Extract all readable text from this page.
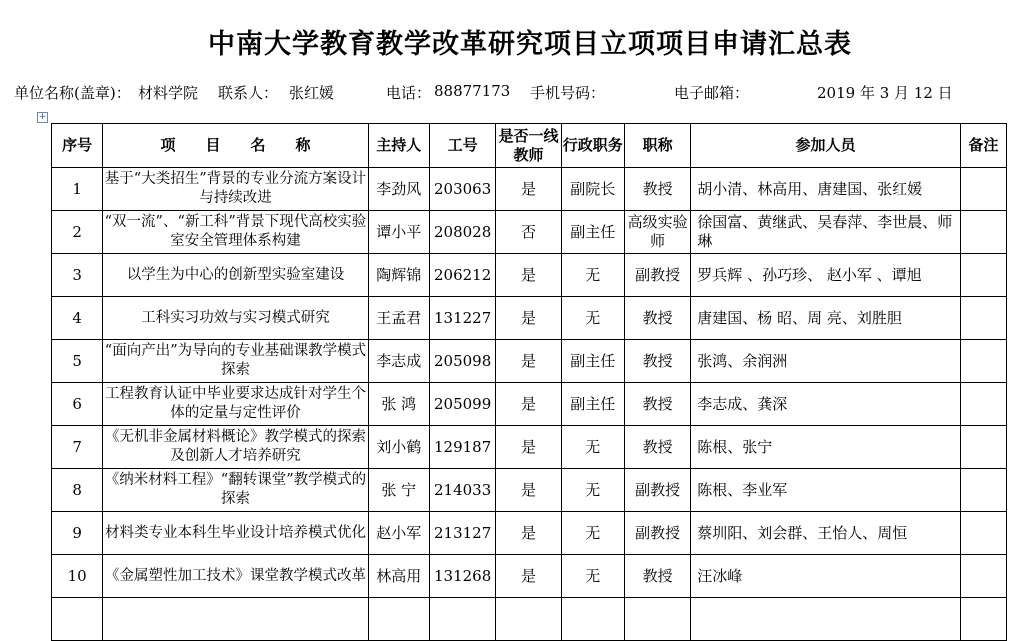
中南大学教育教学改革研究项目立项项目申请汇总表
单位名称(盖章)： 材料学院 联系人： 张红媛	电话： 88877173 手机号码：	电子邮箱：	2019 年 3 月 12 日
+
序号	项目名称	主持人	工号	是否一线教师	行政职务	职称	参加人员	备注
1	基于“大类招生”背景的专业分流方案设计与持续改进	李劲风	203063	是	副院长	教授	胡小清、林高用、唐建国、张红媛	
2	“双一流”、“新工科”背景下现代高校实验室安全管理体系构建	谭小平	208028	否	副主任	高级实验师	徐国富、黄继武、吴春萍、李世晨、师琳	
3	以学生为中心的创新型实验室建设	陶辉锦	206212	是	无	副教授	罗兵辉 、孙巧珍、 赵小军 、谭旭	
4	工科实习功效与实习模式研究	王孟君	131227	是	无	教授	唐建国、杨 昭、周 亮、刘胜胆	
5	“面向产出”为导向的专业基础课教学模式探索	李志成	205098	是	副主任	教授	张鸿、余润洲	
6	工程教育认证中毕业要求达成针对学生个体的定量与定性评价	张 鸿	205099	是	副主任	教授	李志成、龚深	
7	《无机非金属材料概论》教学模式的探索及创新人才培养研究	刘小鹤	129187	是	无	教授	陈根、张宁	
8	《纳米材料工程》“翻转课堂”教学模式的探索	张 宁	214033	是	无	副教授	陈根、李业军	
9	材料类专业本科生毕业设计培养模式优化	赵小军	213127	是	无	副教授	蔡圳阳、刘会群、王怡人、周恒	
10	《金属塑性加工技术》课堂教学模式改革	林高用	131268	是	无	教授	汪冰峰	
